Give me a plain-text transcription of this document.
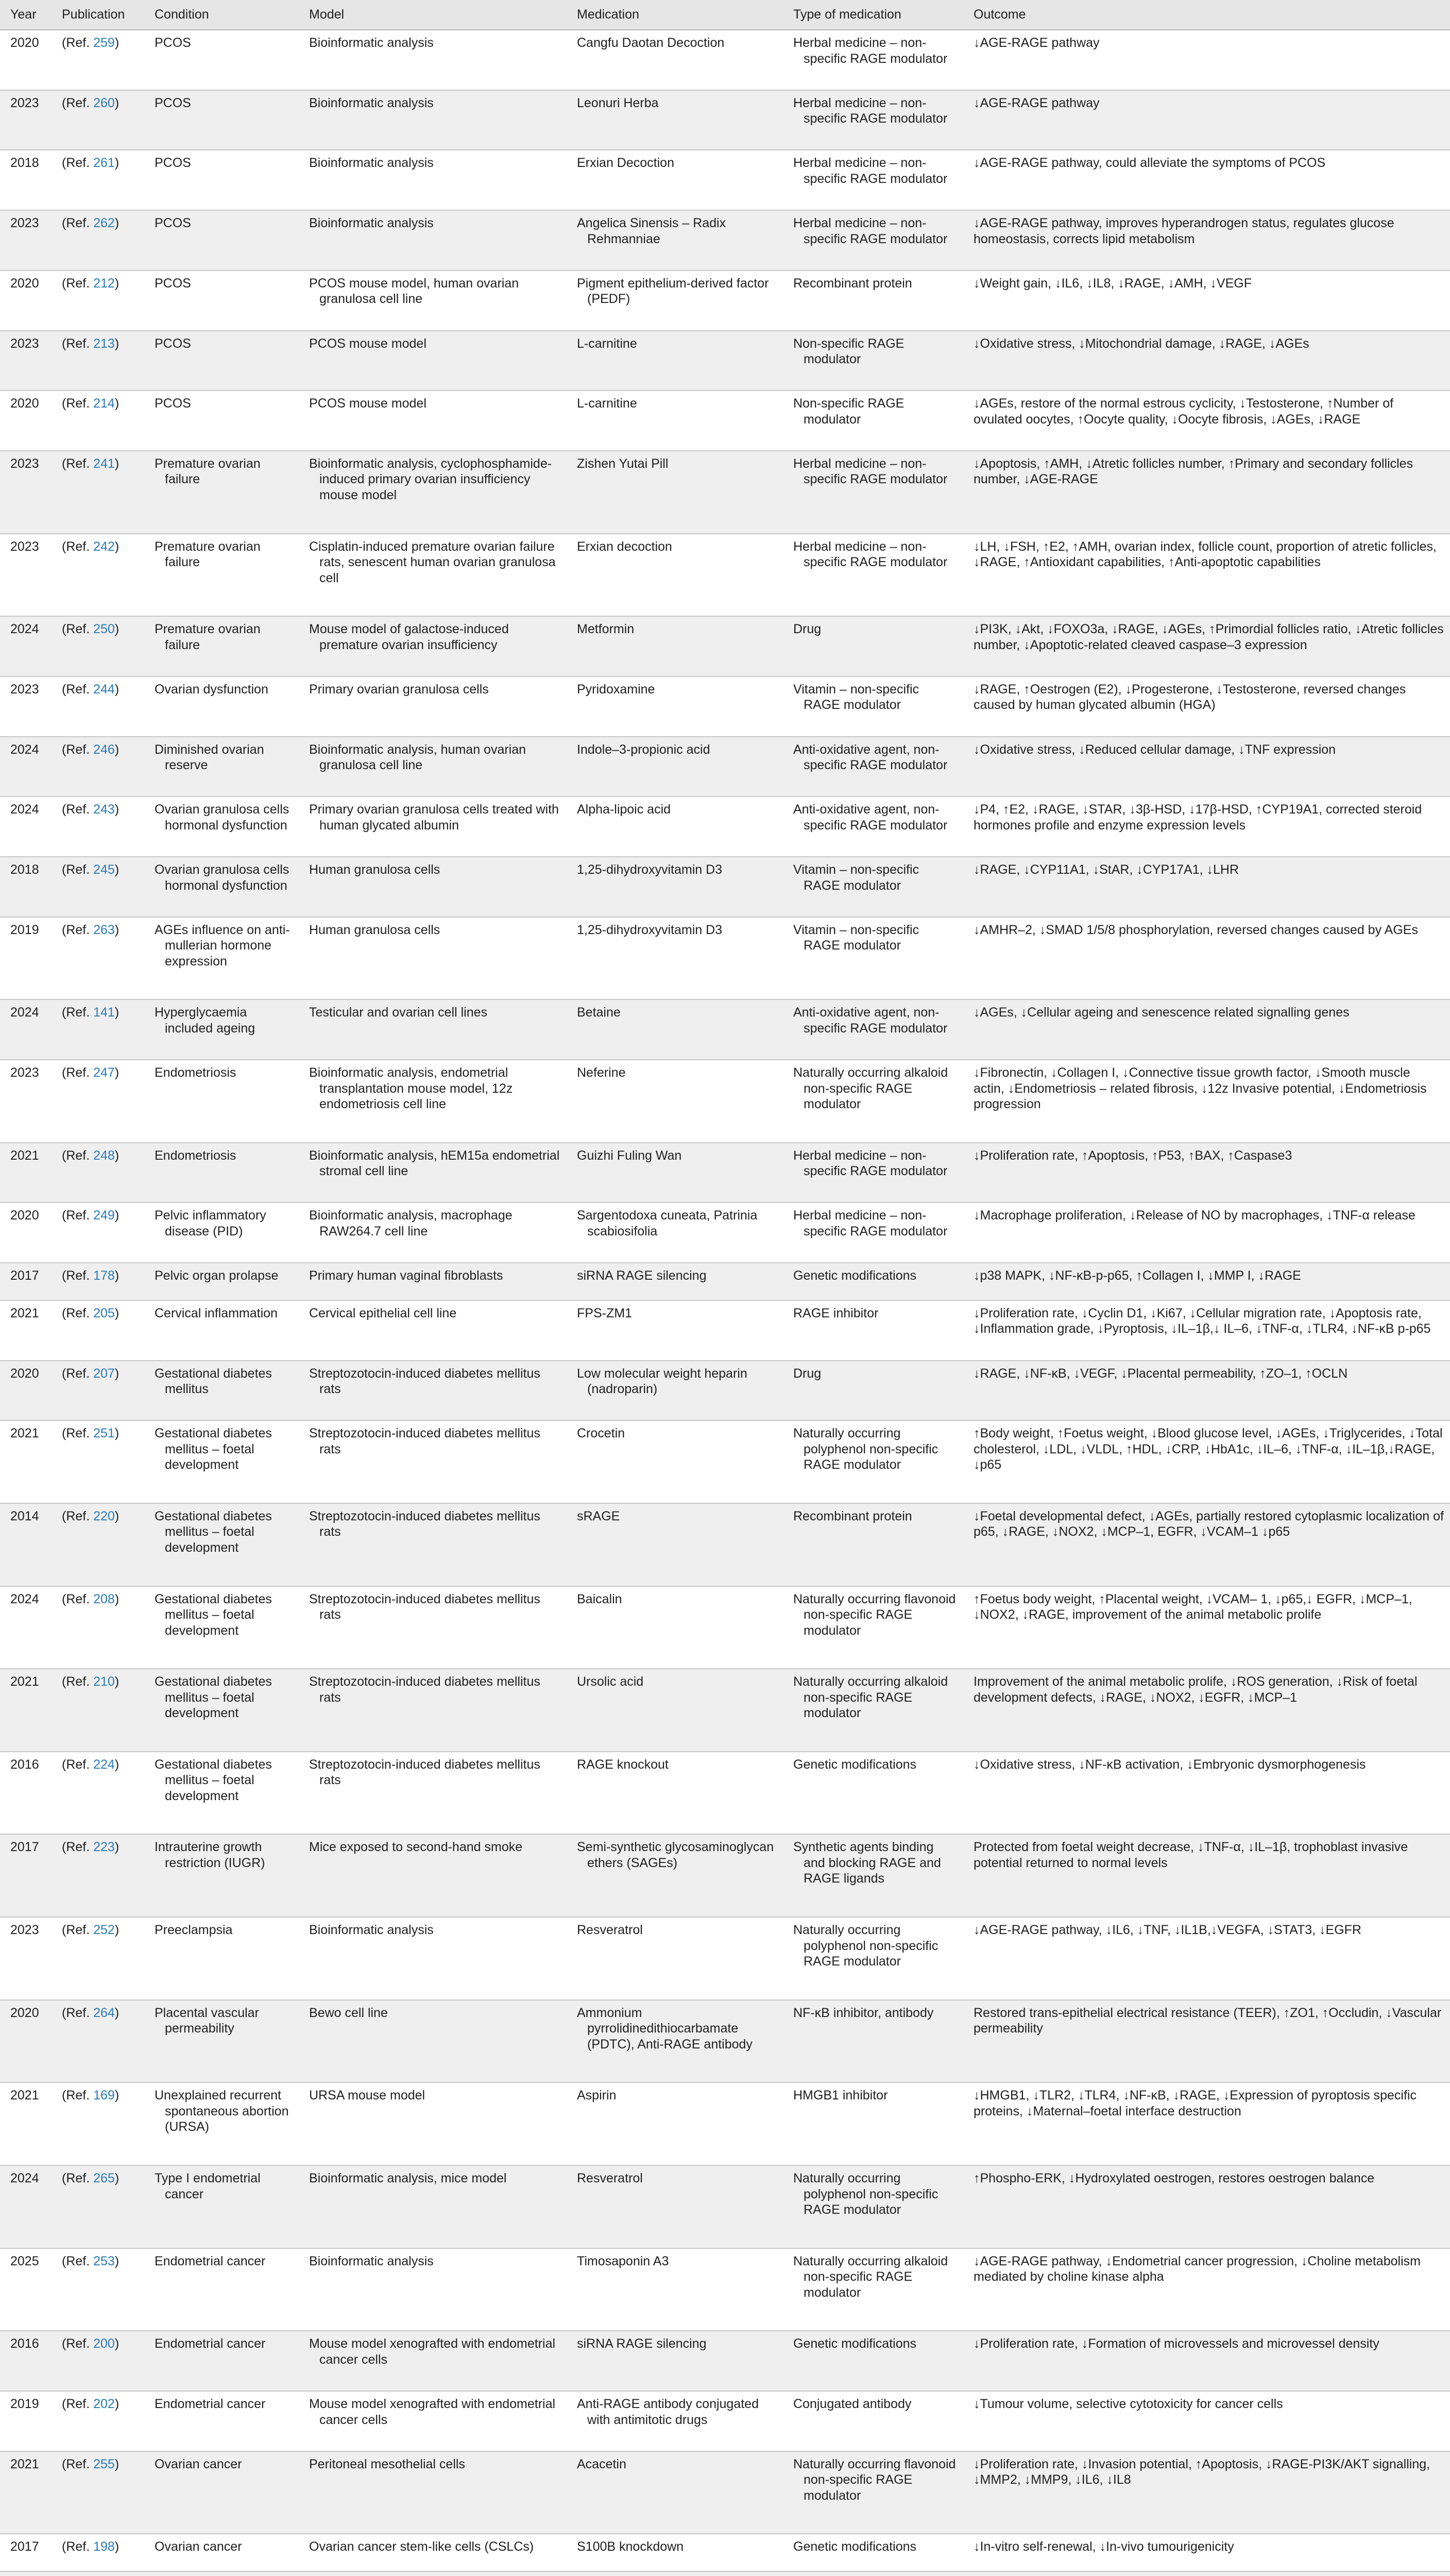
Year	Publication	Condition	Model	Medication	Type of medication	Outcome
2020	(Ref. 259)	PCOS	Bioinformatic analysis	Cangfu Daotan Decoction	Herbal medicine – non-specific RAGE modulator	↓AGE-RAGE pathway
2023	(Ref. 260)	PCOS	Bioinformatic analysis	Leonuri Herba	Herbal medicine – non-specific RAGE modulator	↓AGE-RAGE pathway
2018	(Ref. 261)	PCOS	Bioinformatic analysis	Erxian Decoction	Herbal medicine – non-specific RAGE modulator	↓AGE-RAGE pathway, could alleviate the symptoms of PCOS
2023	(Ref. 262)	PCOS	Bioinformatic analysis	Angelica Sinensis – Radix Rehmanniae	Herbal medicine – non-specific RAGE modulator	↓AGE-RAGE pathway, improves hyperandrogen status, regulates glucose homeostasis, corrects lipid metabolism
2020	(Ref. 212)	PCOS	PCOS mouse model, human ovarian granulosa cell line	Pigment epithelium-derived factor (PEDF)	Recombinant protein	↓Weight gain, ↓IL6, ↓IL8, ↓RAGE, ↓AMH, ↓VEGF
2023	(Ref. 213)	PCOS	PCOS mouse model	L-carnitine	Non-specific RAGE modulator	↓Oxidative stress, ↓Mitochondrial damage, ↓RAGE, ↓AGEs
2020	(Ref. 214)	PCOS	PCOS mouse model	L-carnitine	Non-specific RAGE modulator	↓AGEs, restore of the normal estrous cyclicity, ↓Testosterone, ↑Number of ovulated oocytes, ↑Oocyte quality, ↓Oocyte fibrosis, ↓AGEs, ↓RAGE
2023	(Ref. 241)	Premature ovarian failure	Bioinformatic analysis, cyclophosphamide-induced primary ovarian insufficiency mouse model	Zishen Yutai Pill	Herbal medicine – non-specific RAGE modulator	↓Apoptosis, ↑AMH, ↓Atretic follicles number, ↑Primary and secondary follicles number, ↓AGE-RAGE
2023	(Ref. 242)	Premature ovarian failure	Cisplatin-induced premature ovarian failure rats, senescent human ovarian granulosa cell	Erxian decoction	Herbal medicine – non-specific RAGE modulator	↓LH, ↓FSH, ↑E2, ↑AMH, ovarian index, follicle count, proportion of atretic follicles, ↓RAGE, ↑Antioxidant capabilities, ↑Anti-apoptotic capabilities
2024	(Ref. 250)	Premature ovarian failure	Mouse model of galactose-induced premature ovarian insufficiency	Metformin	Drug	↓PI3K, ↓Akt, ↓FOXO3a, ↓RAGE, ↓AGEs, ↑Primordial follicles ratio, ↓Atretic follicles number, ↓Apoptotic-related cleaved caspase–3 expression
2023	(Ref. 244)	Ovarian dysfunction	Primary ovarian granulosa cells	Pyridoxamine	Vitamin – non-specific RAGE modulator	↓RAGE, ↑Oestrogen (E2), ↓Progesterone, ↓Testosterone, reversed changes caused by human glycated albumin (HGA)
2024	(Ref. 246)	Diminished ovarian reserve	Bioinformatic analysis, human ovarian granulosa cell line	Indole–3-propionic acid	Anti-oxidative agent, non-specific RAGE modulator	↓Oxidative stress, ↓Reduced cellular damage, ↓TNF expression
2024	(Ref. 243)	Ovarian granulosa cells hormonal dysfunction	Primary ovarian granulosa cells treated with human glycated albumin	Alpha-lipoic acid	Anti-oxidative agent, non-specific RAGE modulator	↓P4, ↑E2, ↓RAGE, ↓STAR, ↓3β-HSD, ↓17β-HSD, ↑CYP19A1, corrected steroid hormones profile and enzyme expression levels
2018	(Ref. 245)	Ovarian granulosa cells hormonal dysfunction	Human granulosa cells	1,25-dihydroxyvitamin D3	Vitamin – non-specific RAGE modulator	↓RAGE, ↓CYP11A1, ↓StAR, ↓CYP17A1, ↓LHR
2019	(Ref. 263)	AGEs influence on anti-mullerian hormone expression	Human granulosa cells	1,25-dihydroxyvitamin D3	Vitamin – non-specific RAGE modulator	↓AMHR–2, ↓SMAD 1/5/8 phosphorylation, reversed changes caused by AGEs
2024	(Ref. 141)	Hyperglycaemia included ageing	Testicular and ovarian cell lines	Betaine	Anti-oxidative agent, non-specific RAGE modulator	↓AGEs, ↓Cellular ageing and senescence related signalling genes
2023	(Ref. 247)	Endometriosis	Bioinformatic analysis, endometrial transplantation mouse model, 12z endometriosis cell line	Neferine	Naturally occurring alkaloid non-specific RAGE modulator	↓Fibronectin, ↓Collagen I, ↓Connective tissue growth factor, ↓Smooth muscle actin, ↓Endometriosis – related fibrosis, ↓12z Invasive potential, ↓Endometriosis progression
2021	(Ref. 248)	Endometriosis	Bioinformatic analysis, hEM15a endometrial stromal cell line	Guizhi Fuling Wan	Herbal medicine – non-specific RAGE modulator	↓Proliferation rate, ↑Apoptosis, ↑P53, ↑BAX, ↑Caspase3
2020	(Ref. 249)	Pelvic inflammatory disease (PID)	Bioinformatic analysis, macrophage RAW264.7 cell line	Sargentodoxa cuneata, Patrinia scabiosifolia	Herbal medicine – non-specific RAGE modulator	↓Macrophage proliferation, ↓Release of NO by macrophages, ↓TNF-α release
2017	(Ref. 178)	Pelvic organ prolapse	Primary human vaginal fibroblasts	siRNA RAGE silencing	Genetic modifications	↓p38 MAPK, ↓NF-κB-p-p65, ↑Collagen I, ↓MMP I, ↓RAGE
2021	(Ref. 205)	Cervical inflammation	Cervical epithelial cell line	FPS-ZM1	RAGE inhibitor	↓Proliferation rate, ↓Cyclin D1, ↓Ki67, ↓Cellular migration rate, ↓Apoptosis rate, ↓Inflammation grade, ↓Pyroptosis, ↓IL–1β,↓ IL–6, ↓TNF-α, ↓TLR4, ↓NF-κB p-p65
2020	(Ref. 207)	Gestational diabetes mellitus	Streptozotocin-induced diabetes mellitus rats	Low molecular weight heparin (nadroparin)	Drug	↓RAGE, ↓NF-κB, ↓VEGF, ↓Placental permeability, ↑ZO–1, ↑OCLN
2021	(Ref. 251)	Gestational diabetes mellitus – foetal development	Streptozotocin-induced diabetes mellitus rats	Crocetin	Naturally occurring polyphenol non-specific RAGE modulator	↑Body weight, ↑Foetus weight, ↓Blood glucose level, ↓AGEs, ↓Triglycerides, ↓Total cholesterol, ↓LDL, ↓VLDL, ↑HDL, ↓CRP, ↓HbA1c, ↓IL–6, ↓TNF-α, ↓IL–1β,↓RAGE, ↓p65
2014	(Ref. 220)	Gestational diabetes mellitus – foetal development	Streptozotocin-induced diabetes mellitus rats	sRAGE	Recombinant protein	↓Foetal developmental defect, ↓AGEs, partially restored cytoplasmic localization of p65, ↓RAGE, ↓NOX2, ↓MCP–1, EGFR, ↓VCAM–1 ↓p65
2024	(Ref. 208)	Gestational diabetes mellitus – foetal development	Streptozotocin-induced diabetes mellitus rats	Baicalin	Naturally occurring flavonoid non-specific RAGE modulator	↑Foetus body weight, ↑Placental weight, ↓VCAM– 1, ↓p65,↓ EGFR, ↓MCP–1, ↓NOX2, ↓RAGE, improvement of the animal metabolic prolife
2021	(Ref. 210)	Gestational diabetes mellitus – foetal development	Streptozotocin-induced diabetes mellitus rats	Ursolic acid	Naturally occurring alkaloid non-specific RAGE modulator	Improvement of the animal metabolic prolife, ↓ROS generation, ↓Risk of foetal development defects, ↓RAGE, ↓NOX2, ↓EGFR, ↓MCP–1
2016	(Ref. 224)	Gestational diabetes mellitus – foetal development	Streptozotocin-induced diabetes mellitus rats	RAGE knockout	Genetic modifications	↓Oxidative stress, ↓NF-κB activation, ↓Embryonic dysmorphogenesis
2017	(Ref. 223)	Intrauterine growth restriction (IUGR)	Mice exposed to second-hand smoke	Semi-synthetic glycosaminoglycan ethers (SAGEs)	Synthetic agents binding and blocking RAGE and RAGE ligands	Protected from foetal weight decrease, ↓TNF-α, ↓IL–1β, trophoblast invasive potential returned to normal levels
2023	(Ref. 252)	Preeclampsia	Bioinformatic analysis	Resveratrol	Naturally occurring polyphenol non-specific RAGE modulator	↓AGE-RAGE pathway, ↓IL6, ↓TNF, ↓IL1B,↓VEGFA, ↓STAT3, ↓EGFR
2020	(Ref. 264)	Placental vascular permeability	Bewo cell line	Ammonium pyrrolidinedithiocarbamate (PDTC), Anti-RAGE antibody	NF-κB inhibitor, antibody	Restored trans-epithelial electrical resistance (TEER), ↑ZO1, ↑Occludin, ↓Vascular permeability
2021	(Ref. 169)	Unexplained recurrent spontaneous abortion (URSA)	URSA mouse model	Aspirin	HMGB1 inhibitor	↓HMGB1, ↓TLR2, ↓TLR4, ↓NF-κB, ↓RAGE, ↓Expression of pyroptosis specific proteins, ↓Maternal–foetal interface destruction
2024	(Ref. 265)	Type I endometrial cancer	Bioinformatic analysis, mice model	Resveratrol	Naturally occurring polyphenol non-specific RAGE modulator	↑Phospho-ERK, ↓Hydroxylated oestrogen, restores oestrogen balance
2025	(Ref. 253)	Endometrial cancer	Bioinformatic analysis	Timosaponin A3	Naturally occurring alkaloid non-specific RAGE modulator	↓AGE-RAGE pathway, ↓Endometrial cancer progression, ↓Choline metabolism mediated by choline kinase alpha
2016	(Ref. 200)	Endometrial cancer	Mouse model xenografted with endometrial cancer cells	siRNA RAGE silencing	Genetic modifications	↓Proliferation rate, ↓Formation of microvessels and microvessel density
2019	(Ref. 202)	Endometrial cancer	Mouse model xenografted with endometrial cancer cells	Anti-RAGE antibody conjugated with antimitotic drugs	Conjugated antibody	↓Tumour volume, selective cytotoxicity for cancer cells
2021	(Ref. 255)	Ovarian cancer	Peritoneal mesothelial cells	Acacetin	Naturally occurring flavonoid non-specific RAGE modulator	↓Proliferation rate, ↓Invasion potential, ↑Apoptosis, ↓RAGE-PI3K/AKT signalling, ↓MMP2, ↓MMP9, ↓IL6, ↓IL8
2017	(Ref. 198)	Ovarian cancer	Ovarian cancer stem-like cells (CSLCs)	S100B knockdown	Genetic modifications	↓In-vitro self-renewal, ↓In-vivo tumourigenicity
